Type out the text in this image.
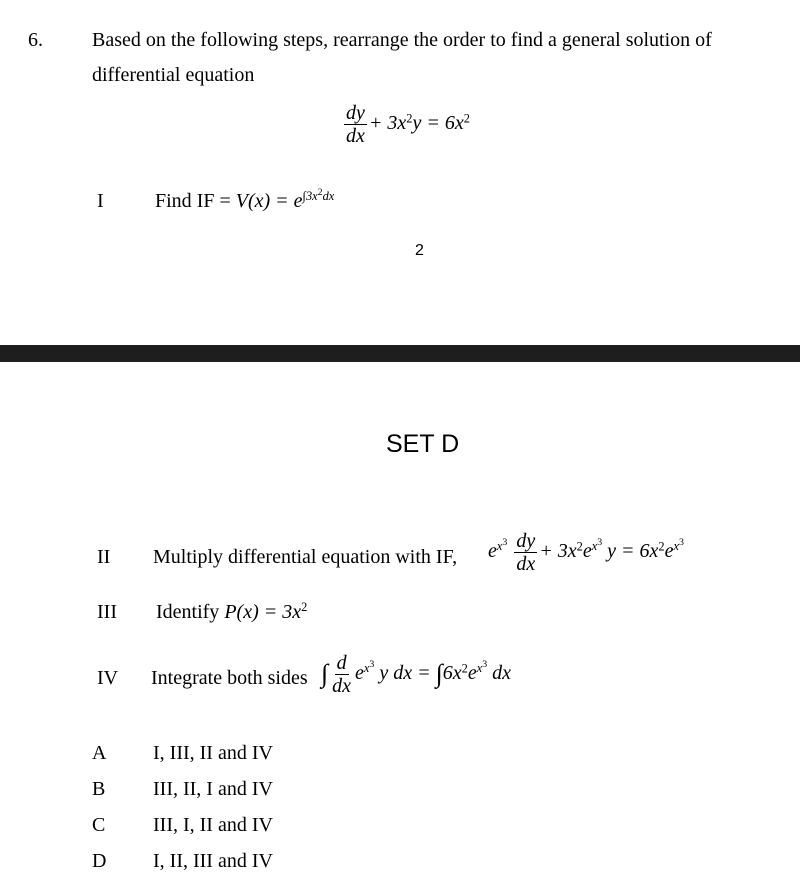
6. Based on the following steps, rearrange the order to find a general solution of
differential equation
$\frac{dy}{dx} + 3x^2y = 6x^2$
I	Find IF = $V(x) = e^{\int 3x^2dx}$
2
SET D
II Multiply differential equation with IF, $e^{x^3} \frac{dy}{dx} + 3x^2e^{x^3}$ $y = 6x^2e^{x^3}$
III Identify $P(x) = 3x^2$
IV Integrate both sides ∫ $\frac{d}{dx} e^{x^3}$ y dx = $\int 6x^2e^{x^3}$ dx
A I, III, II and IV
B III, II, I and IV
C III, I, II and IV
D I, II, III and IV
